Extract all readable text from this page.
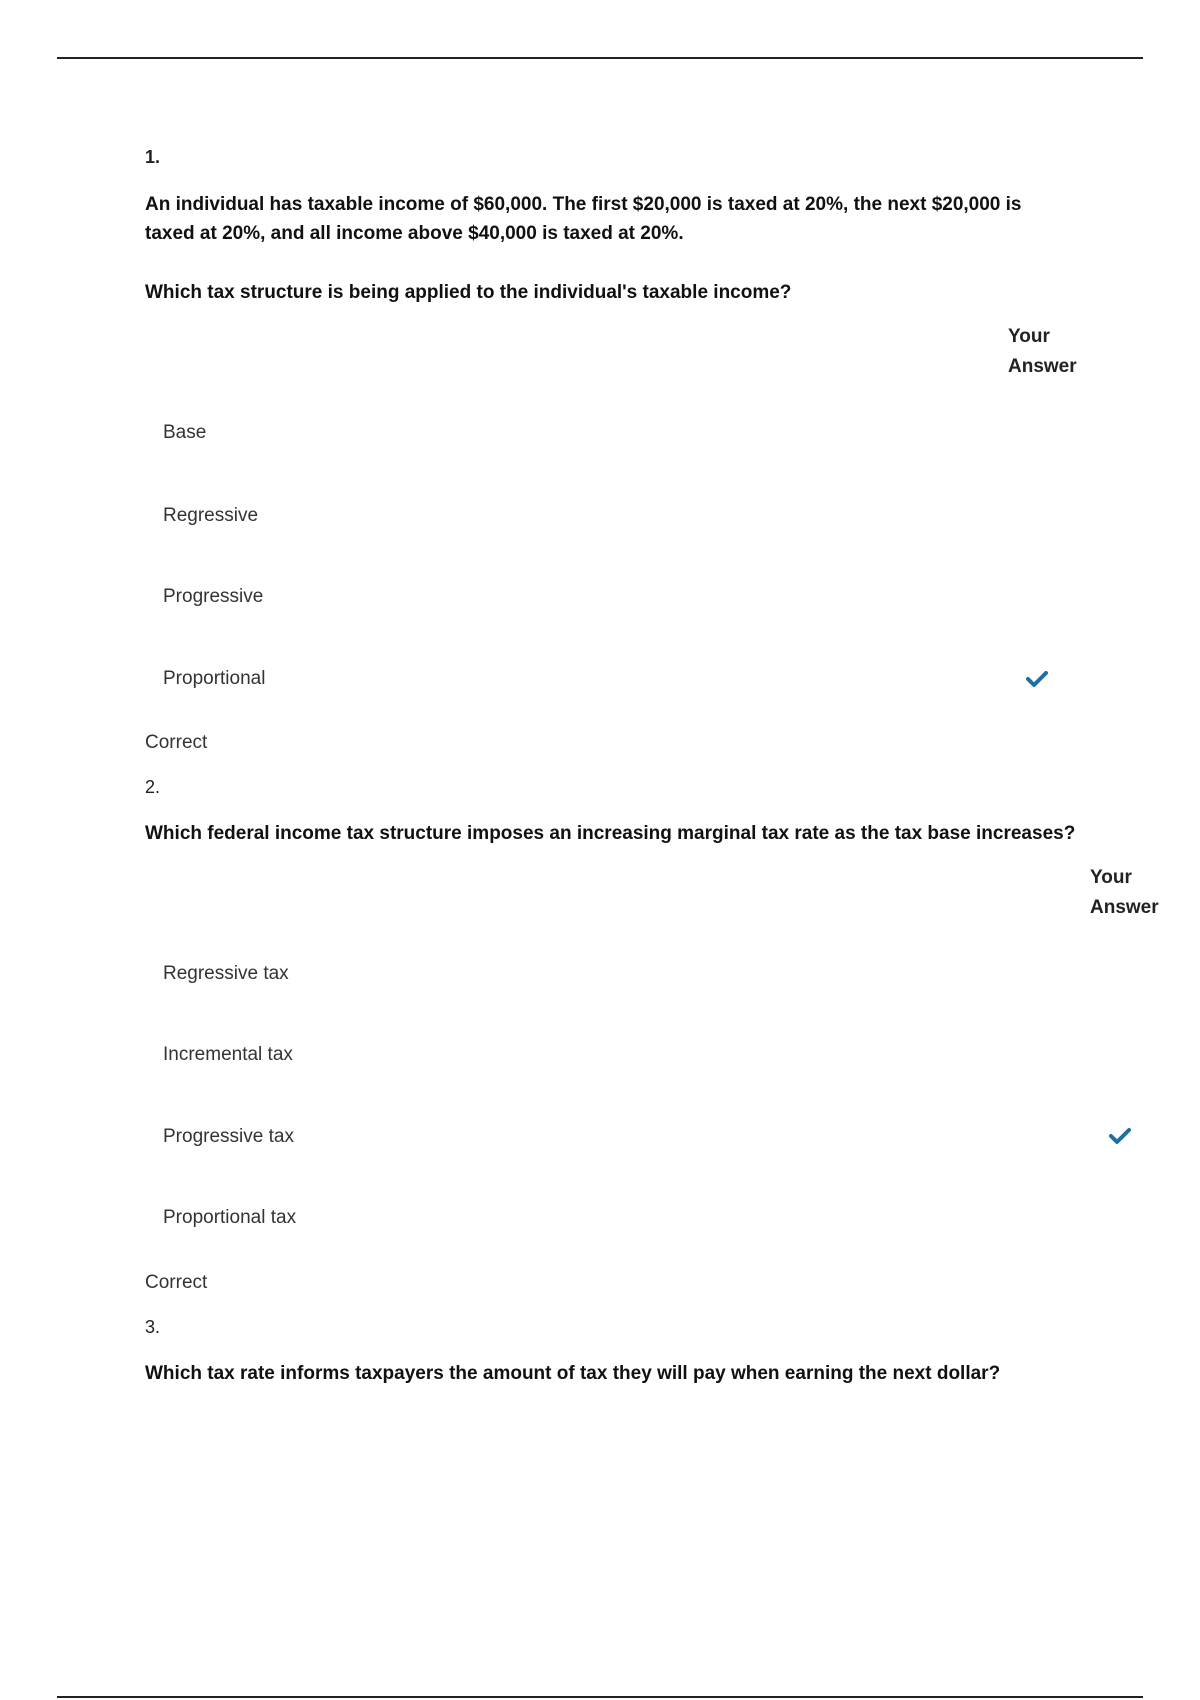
1.
An individual has taxable income of $60,000. The first $20,000 is taxed at 20%, the next $20,000 is
taxed at 20%, and all income above $40,000 is taxed at 20%.
Which tax structure is being applied to the individual's taxable income?
Your
Answer
Base
Regressive
Progressive
Proportional
Correct
2.
Which federal income tax structure imposes an increasing marginal tax rate as the tax base increases?
Your
Answer
Regressive tax
Incremental tax
Progressive tax
Proportional tax
Correct
3.
Which tax rate informs taxpayers the amount of tax they will pay when earning the next dollar?
